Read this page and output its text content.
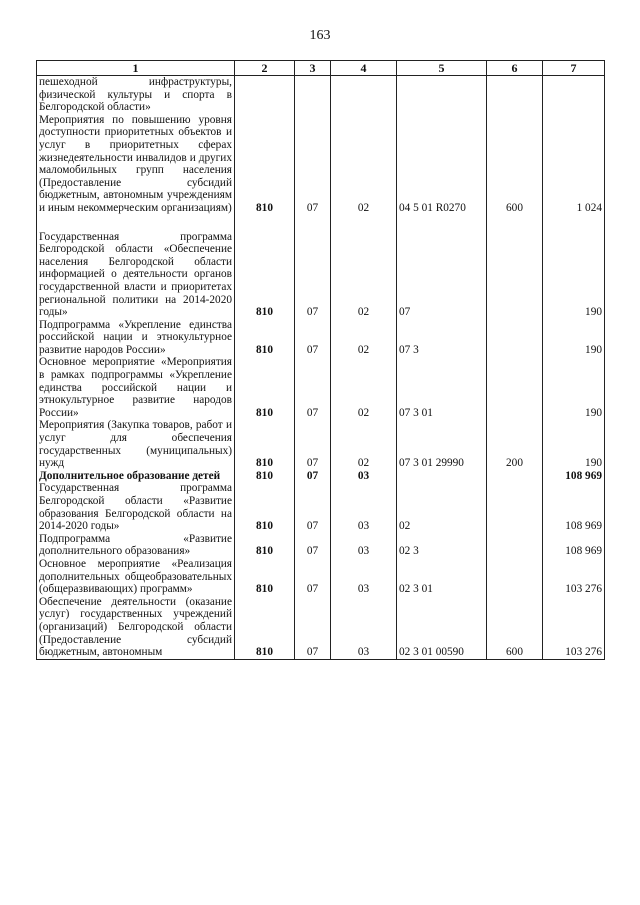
163
1	2	3	4	5	6	7
пешеходной инфраструктуры, физической культуры и спорта в Белгородской области»						
Мероприятия по повышению уровня доступности приоритетных объектов и услуг в приоритетных сферах жизнедеятельности инвалидов и других маломобильных групп населения (Предоставление субсидий бюджетным, автономным учреждениям и иным некоммерческим организациям)	810	07	02	04 5 01 R0270	600	1 024

Государственная программа Белгородской области «Обеспечение населения Белгородской области информацией о деятельности органов государственной власти и приоритетах региональной политики на 2014-2020 годы»	810	07	02	07		190
Подпрограмма «Укрепление единства российской нации и этнокультурное развитие народов России»	810	07	02	07 3		190
Основное мероприятие «Мероприятия в рамках подпрограммы «Укрепление единства российской нации и этнокультурное развитие народов России»	810	07	02	07 3 01		190
Мероприятия (Закупка товаров, работ и услуг для обеспечения государственных (муниципальных) нужд	810	07	02	07 3 01 29990	200	190
Дополнительное образование детей	810	07	03			108 969
Государственная программа Белгородской области «Развитие образования Белгородской области на 2014-2020 годы»	810	07	03	02		108 969
Подпрограмма «Развитие дополнительного образования»	810	07	03	02 3		108 969
Основное мероприятие «Реализация дополнительных общеобразовательных (общеразвивающих) программ»	810	07	03	02 3 01		103 276
Обеспечение деятельности (оказание услуг) государственных учреждений (организаций) Белгородской области (Предоставление субсидий бюджетным, автономным	810	07	03	02 3 01 00590	600	103 276
